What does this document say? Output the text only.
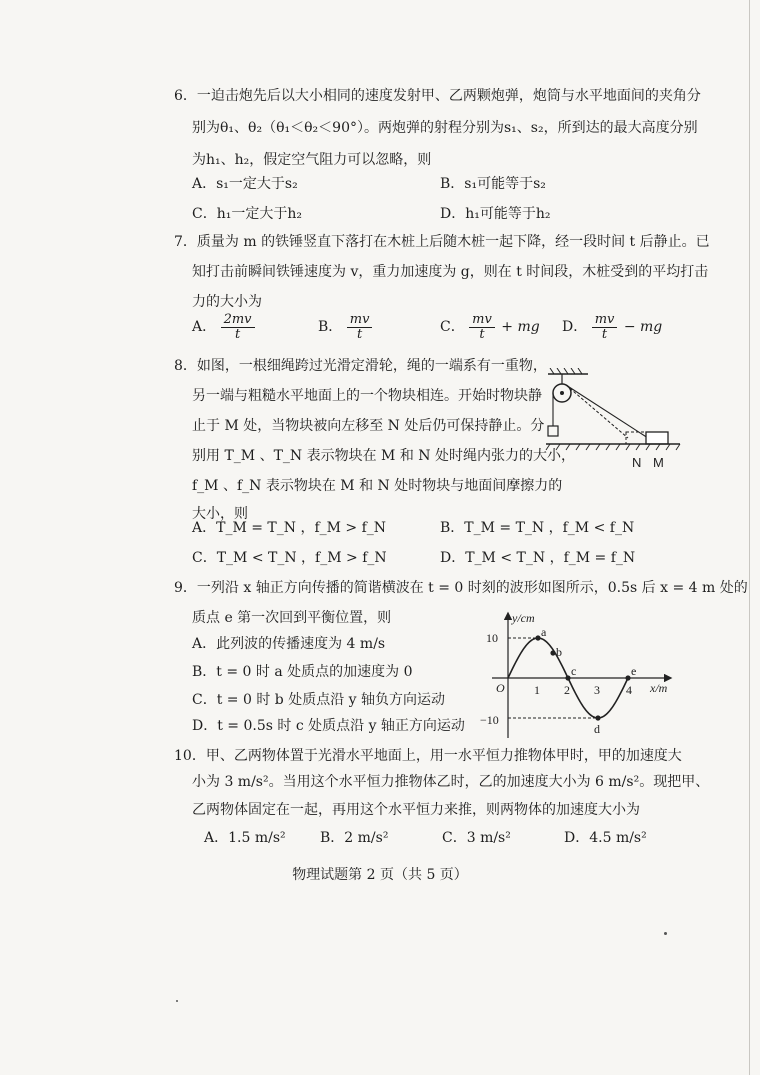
6．一迫击炮先后以大小相同的速度发射甲、乙两颗炮弹，炮筒与水平地面间的夹角分
别为θ₁、θ₂（θ₁＜θ₂＜90°）。两炮弹的射程分别为s₁、s₂，所到达的最大高度分别
为h₁、h₂，假定空气阻力可以忽略，则
A．s₁一定大于s₂	B．s₁可能等于s₂
C．h₁一定大于h₂	D．h₁可能等于h₂
7．质量为 m 的铁锤竖直下落打在木桩上后随木桩一起下降，经一段时间 t 后静止。已
知打击前瞬间铁锤速度为 v，重力加速度为 g，则在 t 时间段，木桩受到的平均打击
力的大小为
A． $\frac{2mv}{t}$	B． $\frac{mv}{t}$	C． $\frac{mv}{t}$ + mg D． $\frac{mv}{t}$ − mg
8．如图，一根细绳跨过光滑定滑轮，绳的一端系有一重物，
另一端与粗糙水平地面上的一个物块相连。开始时物块静
止于 M 处，当物块被向左移至 N 处后仍可保持静止。分
别用 T_M 、T_N 表示物块在 M 和 N 处时绳内张力的大小，
f_M 、f_N 表示物块在 M 和 N 处时物块与地面间摩擦力的
大小，则
N M
A．T_M = T_N ，f_M > f_N	B．T_M = T_N ，f_M < f_N
C．T_M < T_N ，f_M > f_N	D．T_M < T_N ，f_M = f_N
9．一列沿 x 轴正方向传播的简谐横波在 t = 0 时刻的波形如图所示，0.5s 后 x = 4 m 处的
质点 e 第一次回到平衡位置，则
A．此列波的传播速度为 4 m/s
B．t = 0 时 a 处质点的加速度为 0
C．t = 0 时 b 处质点沿 y 轴负方向运动
D．t = 0.5s 时 c 处质点沿 y 轴正方向运动
y/cm
x/m
O
10
−10
1 2 3 4
a
b
c
d
e
10．甲、乙两物体置于光滑水平地面上，用一水平恒力推物体甲时，甲的加速度大
小为 3 m/s²。当用这个水平恒力推物体乙时，乙的加速度大小为 6 m/s²。现把甲、
乙两物体固定在一起，再用这个水平恒力来推，则两物体的加速度大小为
A．1.5 m/s² B．2 m/s²	C．3 m/s²	D．4.5 m/s²
物理试题第 2 页（共 5 页）
